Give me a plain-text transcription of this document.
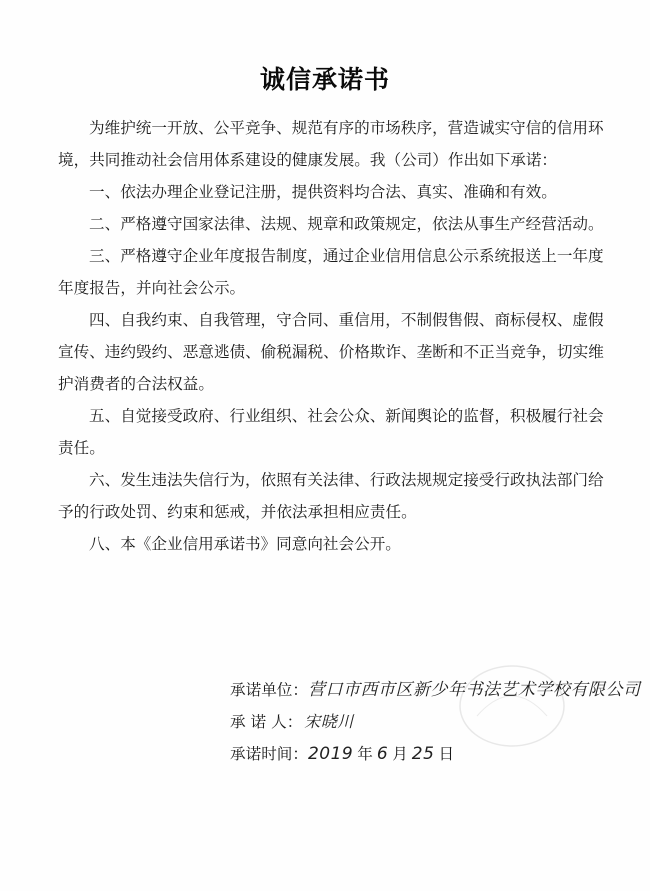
诚信承诺书

为维护统一开放、公平竞争、规范有序的市场秩序，营造诚实守信的信用环境，共同推动社会信用体系建设的健康发展。我（公司）作出如下承诺：

一、依法办理企业登记注册，提供资料均合法、真实、准确和有效。

二、严格遵守国家法律、法规、规章和政策规定，依法从事生产经营活动。

三、严格遵守企业年度报告制度，通过企业信用信息公示系统报送上一年度年度报告，并向社会公示。

四、自我约束、自我管理，守合同、重信用，不制假售假、商标侵权、虚假宣传、违约毁约、恶意逃债、偷税漏税、价格欺诈、垄断和不正当竞争，切实维护消费者的合法权益。

五、自觉接受政府、行业组织、社会公众、新闻舆论的监督，积极履行社会责任。

六、发生违法失信行为，依照有关法律、行政法规规定接受行政执法部门给予的行政处罚、约束和惩戒，并依法承担相应责任。

八、本《企业信用承诺书》同意向社会公开。

承诺单位：营口市西市区新少年书法艺术学校有限公司
承 诺 人： 宋晓川
承诺时间：2019 年 6 月 25 日
